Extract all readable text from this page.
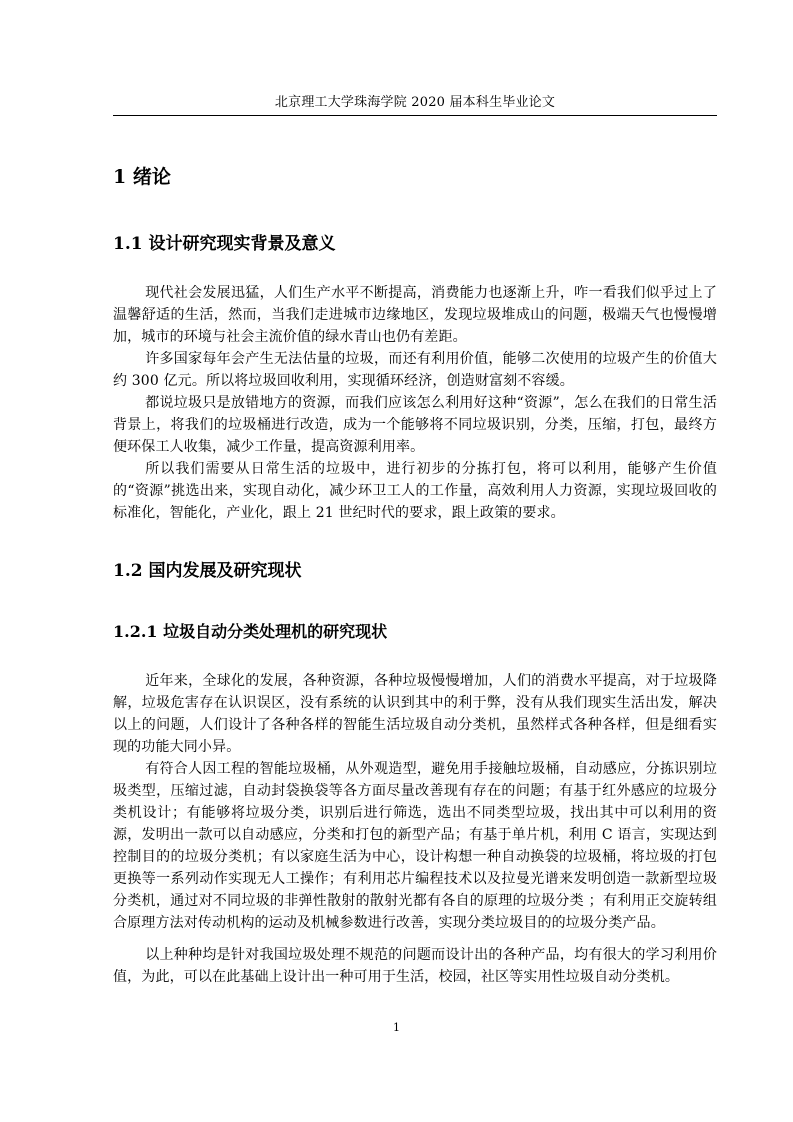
北京理工大学珠海学院 2020 届本科生毕业论文
1 绪论
1.1 设计研究现实背景及意义

现代社会发展迅猛，人们生产水平不断提高，消费能力也逐渐上升，咋一看我们似乎过上了温馨舒适的生活，然而，当我们走进城市边缘地区，发现垃圾堆成山的问题，极端天气也慢慢增加，城市的环境与社会主流价值的绿水青山也仍有差距。

许多国家每年会产生无法估量的垃圾，而还有利用价值，能够二次使用的垃圾产生的价值大约 300 亿元。所以将垃圾回收利用，实现循环经济，创造财富刻不容缓。

都说垃圾只是放错地方的资源，而我们应该怎么利用好这种“资源”，怎么在我们的日常生活背景上，将我们的垃圾桶进行改造，成为一个能够将不同垃圾识别，分类，压缩，打包，最终方便环保工人收集，减少工作量，提高资源利用率。

所以我们需要从日常生活的垃圾中，进行初步的分拣打包，将可以利用，能够产生价值的“资源”挑选出来，实现自动化，减少环卫工人的工作量，高效利用人力资源，实现垃圾回收的标准化，智能化，产业化，跟上 21 世纪时代的要求，跟上政策的要求。

1.2 国内发展及研究现状
1.2.1 垃圾自动分类处理机的研究现状

近年来，全球化的发展，各种资源，各种垃圾慢慢增加，人们的消费水平提高，对于垃圾降解，垃圾危害存在认识误区，没有系统的认识到其中的利于弊，没有从我们现实生活出发，解决以上的问题，人们设计了各种各样的智能生活垃圾自动分类机，虽然样式各种各样，但是细看实现的功能大同小异。

有符合人因工程的智能垃圾桶，从外观造型，避免用手接触垃圾桶，自动感应，分拣识别垃圾类型，压缩过滤，自动封袋换袋等各方面尽量改善现有存在的问题；有基于红外感应的垃圾分类机设计；有能够将垃圾分类，识别后进行筛选，选出不同类型垃圾，找出其中可以利用的资源，发明出一款可以自动感应，分类和打包的新型产品；有基于单片机，利用 C 语言，实现达到控制目的的垃圾分类机；有以家庭生活为中心，设计构想一种自动换袋的垃圾桶，将垃圾的打包更换等一系列动作实现无人工操作；有利用芯片编程技术以及拉曼光谱来发明创造一款新型垃圾分类机，通过对不同垃圾的非弹性散射的散射光都有各自的原理的垃圾分类 ；有利用正交旋转组合原理方法对传动机构的运动及机械参数进行改善，实现分类垃圾目的的垃圾分类产品。

以上种种均是针对我国垃圾处理不规范的问题而设计出的各种产品，均有很大的学习利用价值，为此，可以在此基础上设计出一种可用于生活，校园，社区等实用性垃圾自动分类机。

1
